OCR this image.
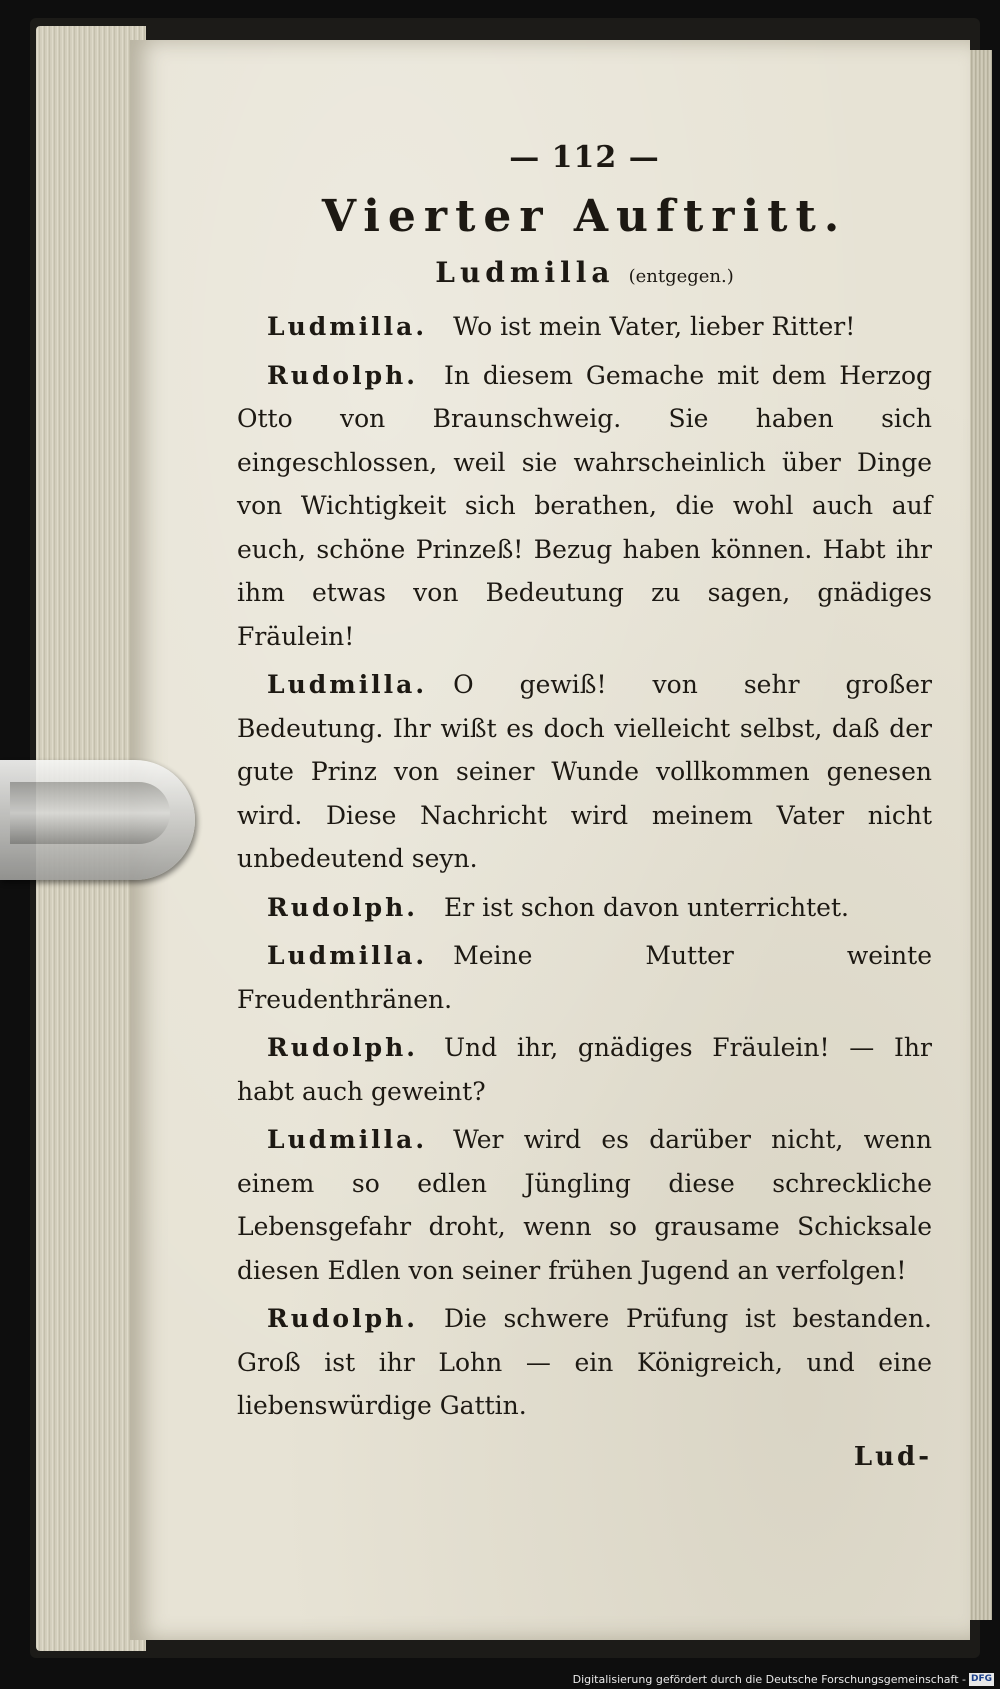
— 112 —
Vierter Auftritt.
Ludmilla (entgegen.)

Ludmilla. Wo ist mein Vater, lieber Ritter!

Rudolph. In diesem Gemache mit dem Herzog Otto von Braunschweig. Sie haben sich eingeschlossen, weil sie wahrscheinlich über Dinge von Wichtigkeit sich berathen, die wohl auch auf euch, schöne Prinzeß! Bezug haben können. Habt ihr ihm etwas von Bedeutung zu sagen, gnädiges Fräulein!

Ludmilla. O gewiß! von sehr großer Bedeutung. Ihr wißt es doch vielleicht selbst, daß der gute Prinz von seiner Wunde vollkommen genesen wird. Diese Nachricht wird meinem Vater nicht unbedeutend seyn.

Rudolph. Er ist schon davon unterrichtet.

Ludmilla. Meine Mutter weinte Freudenthränen.

Rudolph. Und ihr, gnädiges Fräulein! — Ihr habt auch geweint?

Ludmilla. Wer wird es darüber nicht, wenn einem so edlen Jüngling diese schreckliche Lebensgefahr droht, wenn so grausame Schicksale diesen Edlen von seiner frühen Jugend an verfolgen!

Rudolph. Die schwere Prüfung ist bestanden. Groß ist ihr Lohn — ein Königreich, und eine liebenswürdige Gattin.

Lud-
Digitalisierung gefördert durch die Deutsche Forschungsgemeinschaft - DFG
